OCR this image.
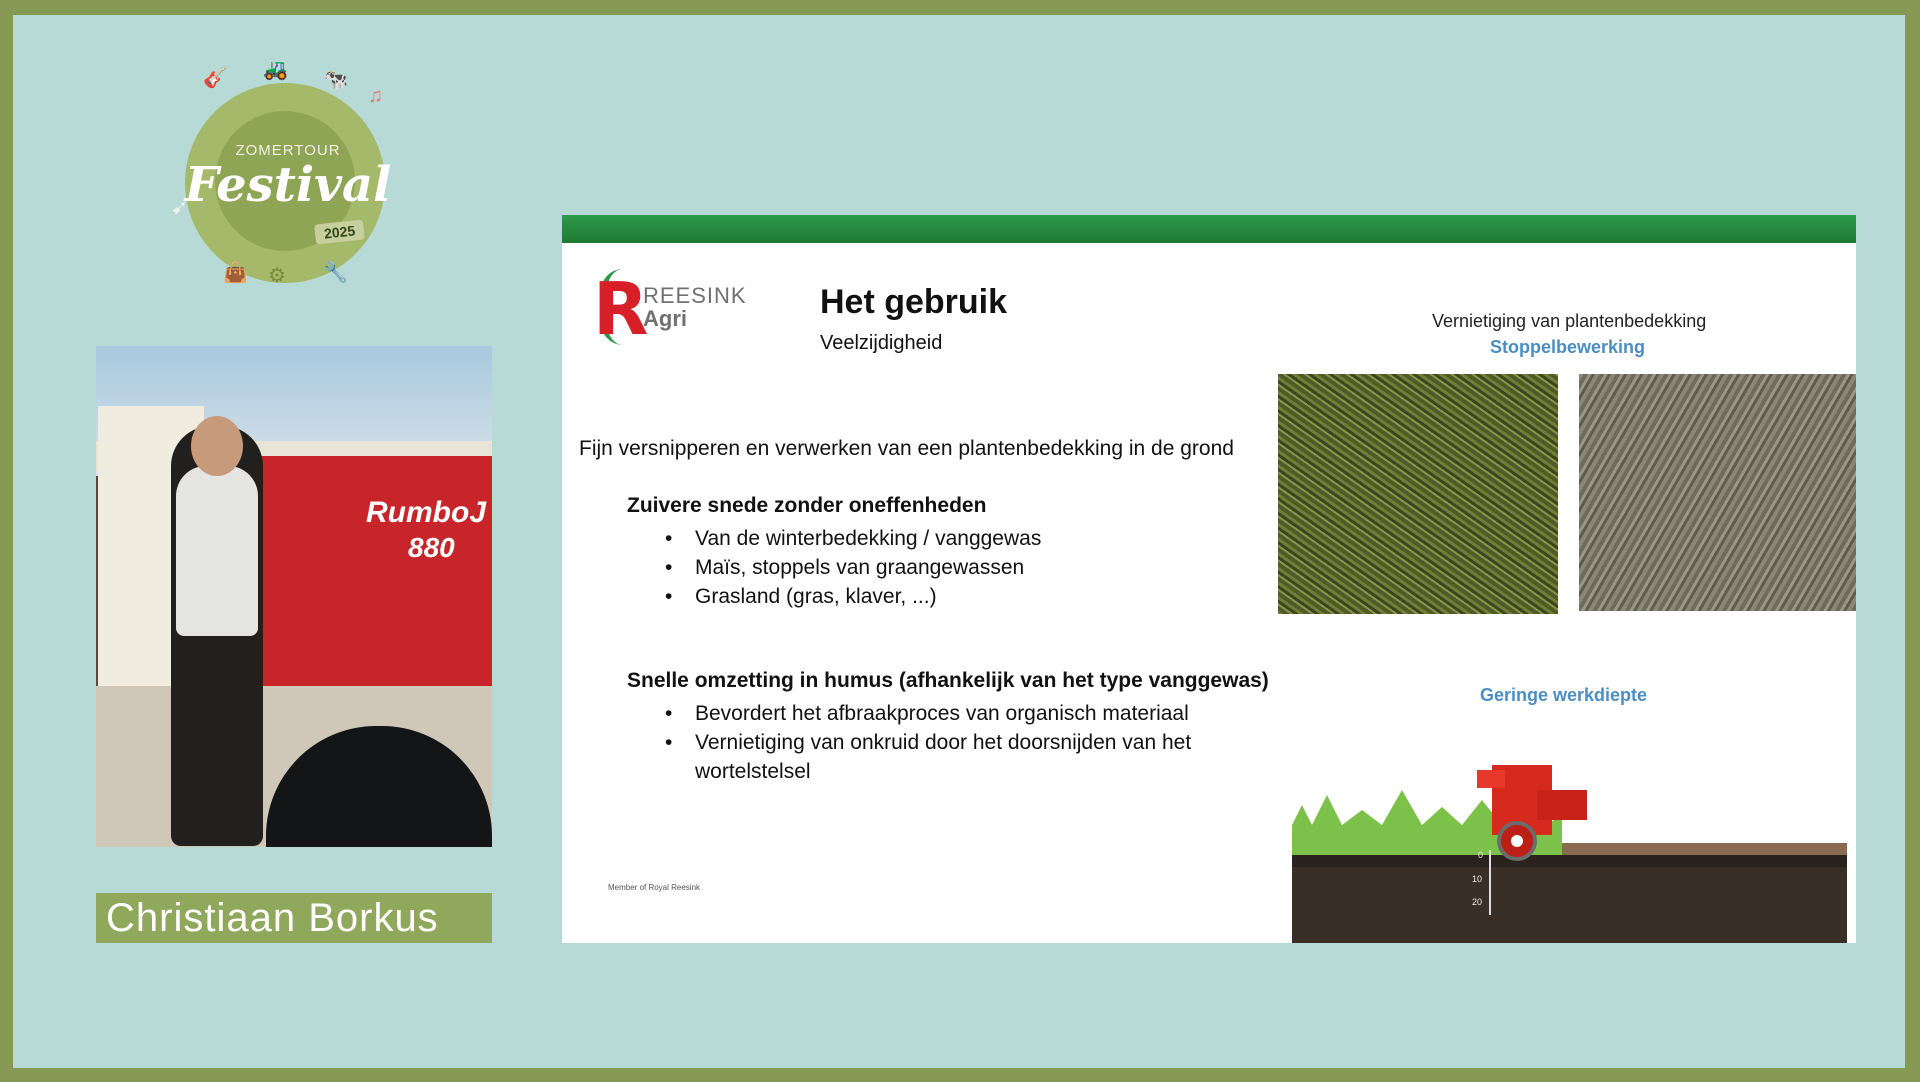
🎸 🚜 🐄
♫
➹
👜	🔧
⚙
ZOMERTOUR
Festival
2025
RumboJ
880
Christiaan Borkus
R
REESINK
Agri	Het gebruik
Veelzijdigheid
Fijn versnipperen en verwerken van een plantenbedekking in de grond
Zuivere snede zonder oneffenheden
• Van de winterbedekking / vanggewas
• Maïs, stoppels van graangewassen
• Grasland (gras, klaver, ...)
Snelle omzetting in humus (afhankelijk van het type vanggewas)
• Bevordert het afbraakproces van organisch materiaal
• Vernietiging van onkruid door het doorsnijden van het wortelstelsel
Vernietiging van plantenbedekking
Stoppelbewerking
Geringe werkdiepte
0
10
20
Member of Royal Reesink
